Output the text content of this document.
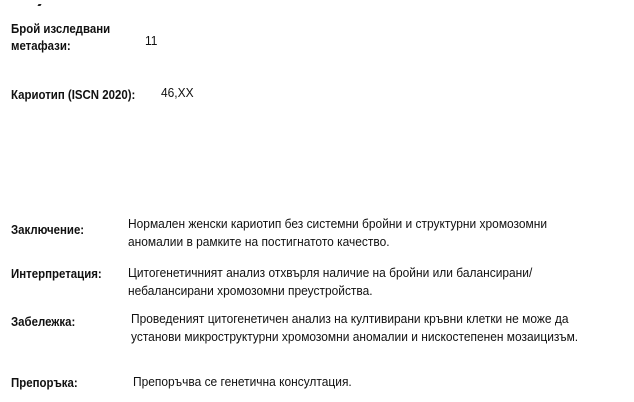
Брой изследвани метафази:	11
Кариотип (ISCN 2020): 46,XX
Заключение:	Нормален женски кариотип без системни бройни и структурни хромозомни
аномалии в рамките на постигнатото качество.
Интерпретация: Цитогенетичният анализ отхвърля наличие на бройни или балансирани/
небалансирани хромозомни преустройства.
Забележка:	Проведеният цитогенетичен анализ на култивирани кръвни клетки не може да
установи микроструктурни хромозомни аномалии и нискостепенен мозаицизъм.
Препоръка:	Препоръчва се генетична консултация.
